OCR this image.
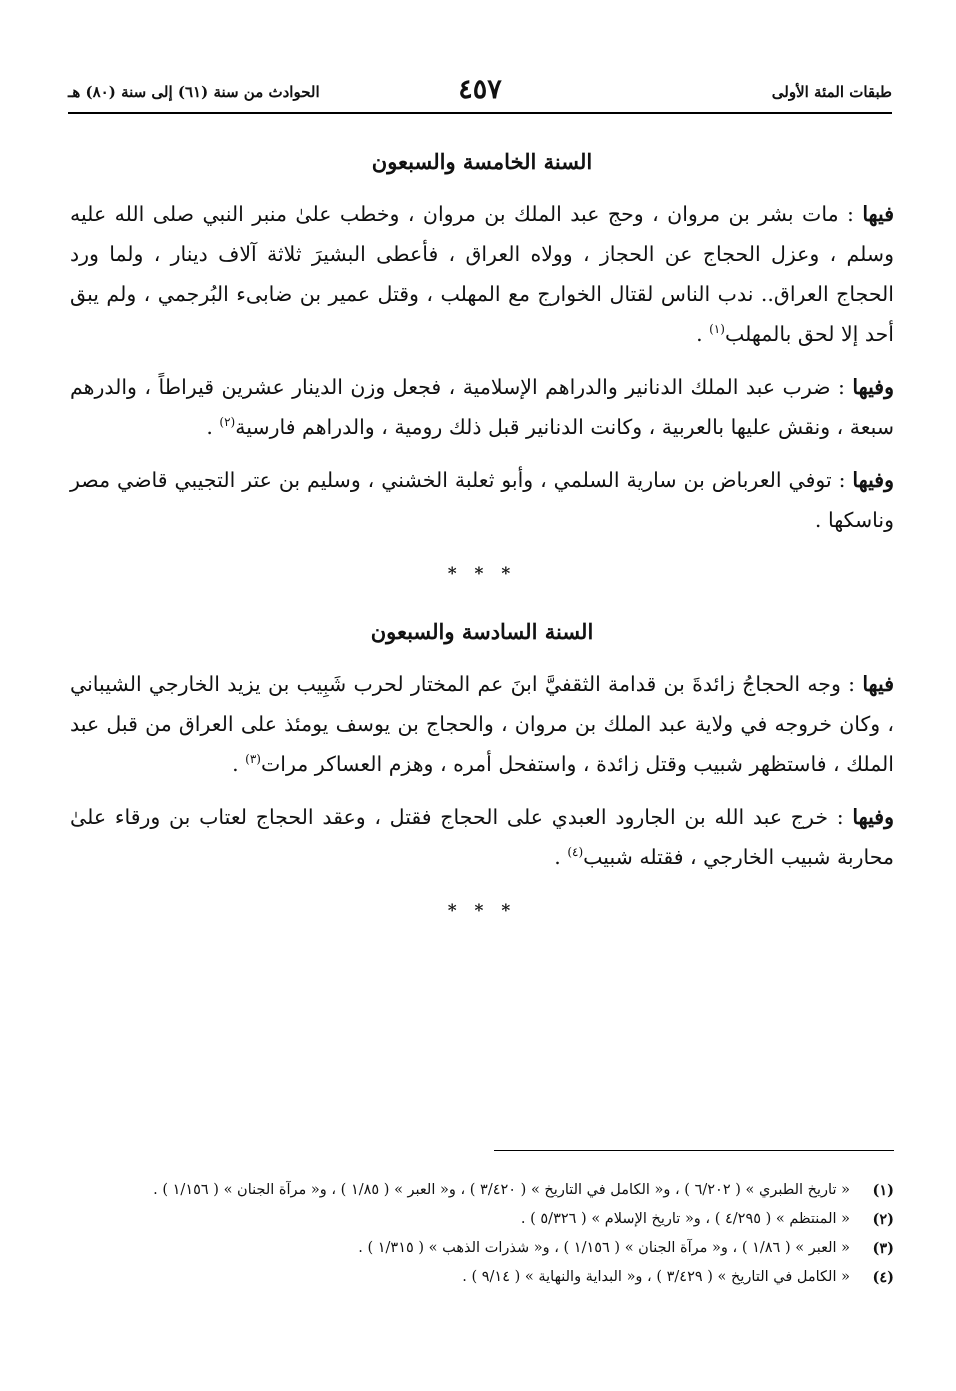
طبقات المئة الأولى
الحوادث من سنة (٦١) إلى سنة (٨٠) هـ	٤٥٧
السنة الخامسة والسبعون
فيها : مات بشر بن مروان ، وحج عبد الملك بن مروان ، وخطب علىٰ منبر النبي صلى الله عليه وسلم ، وعزل الحجاج عن الحجاز ، وولاه العراق ، فأعطى البشيرَ ثلاثة آلاف دينار ، ولما ورد الحجاج العراق.. ندب الناس لقتال الخوارج مع المهلب ، وقتل عمير بن ضابىء البُرجمي ، ولم يبق أحد إلا لحق بالمهلب$^{(١)}$ .
وفيها : ضرب عبد الملك الدنانير والدراهم الإسلامية ، فجعل وزن الدينار عشرين قيراطاً ، والدرهم سبعة ، ونقش عليها بالعربية ، وكانت الدنانير قبل ذلك رومية ، والدراهم فارسية$^{(٢)}$ .
وفيها : توفي العرباض بن سارية السلمي ، وأبو ثعلبة الخشني ، وسليم بن عتر التجيبي قاضي مصر وناسكها .
* * *
السنة السادسة والسبعون
فيها : وجه الحجاجُ زائدةَ بن قدامة الثقفيَّ ابنَ عم المختار لحرب شَبِيب بن يزيد الخارجي الشيباني ، وكان خروجه في ولاية عبد الملك بن مروان ، والحجاج بن يوسف يومئذ على العراق من قبل عبد الملك ، فاستظهر شبيب وقتل زائدة ، واستفحل أمره ، وهزم العساكر مرات$^{(٣)}$ .
وفيها : خرج عبد الله بن الجارود العبدي على الحجاج فقتل ، وعقد الحجاج لعتاب بن ورقاء علىٰ محاربة شبيب الخارجي ، فقتله شبيب$^{(٤)}$ .
* * *
(١)
« تاريخ الطبري » ( ٦/٢٠٢ ) ، و« الكامل في التاريخ » ( ٣/٤٢٠ ) ، و« العبر » ( ١/٨٥ ) ، و« مرآة الجنان » ( ١/١٥٦ ) .
(٢)
« المنتظم » ( ٤/٢٩٥ ) ، و« تاريخ الإسلام » ( ٥/٣٢٦ ) .
(٣)
« العبر » ( ١/٨٦ ) ، و« مرآة الجنان » ( ١/١٥٦ ) ، و« شذرات الذهب » ( ١/٣١٥ ) .
(٤)
« الكامل في التاريخ » ( ٣/٤٢٩ ) ، و« البداية والنهاية » ( ٩/١٤ ) .
